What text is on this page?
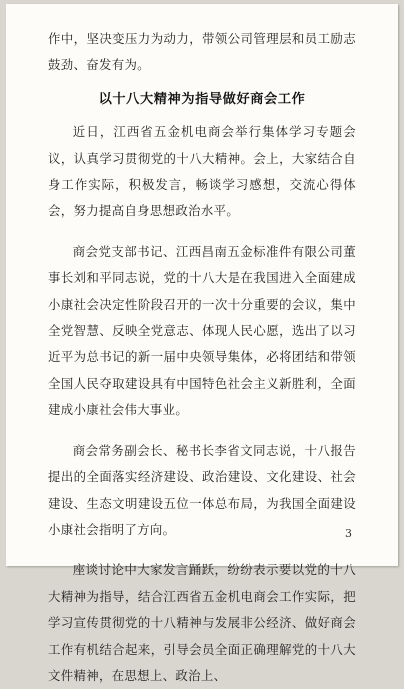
作中，坚决变压力为动力，带领公司管理层和员工励志鼓劲、奋发有为。

以十八大精神为指导做好商会工作

近日，江西省五金机电商会举行集体学习专题会议，认真学习贯彻党的十八大精神。会上，大家结合自身工作实际，积极发言，畅谈学习感想，交流心得体会，努力提高自身思想政治水平。

商会党支部书记、江西昌南五金标准件有限公司董事长刘和平同志说，党的十八大是在我国进入全面建成小康社会决定性阶段召开的一次十分重要的会议，集中全党智慧、反映全党意志、体现人民心愿，选出了以习近平为总书记的新一届中央领导集体，必将团结和带领全国人民夺取建设具有中国特色社会主义新胜利，全面建成小康社会伟大事业。

商会常务副会长、秘书长李省文同志说，十八报告提出的全面落实经济建设、政治建设、文化建设、社会建设、生态文明建设五位一体总布局，为我国全面建设小康社会指明了方向。

座谈讨论中大家发言踊跃，纷纷表示要以党的十八大精神为指导，结合江西省五金机电商会工作实际，把学习宣传贯彻党的十八精神与发展非公经济、做好商会工作有机结合起来，引导会员全面正确理解党的十八大文件精神，在思想上、政治上、

3
